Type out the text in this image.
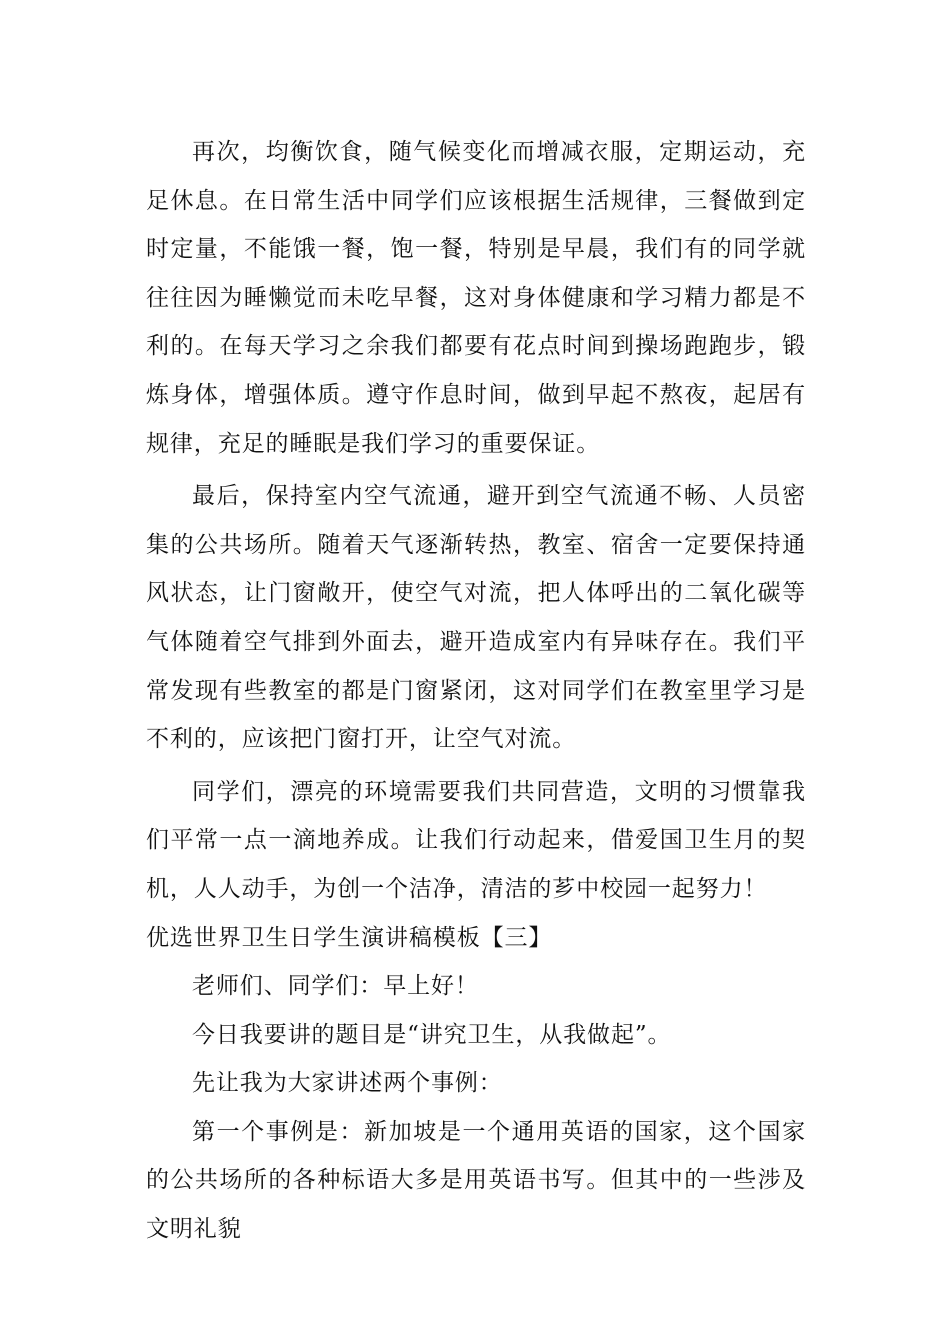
再次，均衡饮食，随气候变化而增减衣服，定期运动，充足休息。在日常生活中同学们应该根据生活规律，三餐做到定时定量，不能饿一餐，饱一餐，特别是早晨，我们有的同学就往往因为睡懒觉而未吃早餐，这对身体健康和学习精力都是不利的。在每天学习之余我们都要有花点时间到操场跑跑步，锻炼身体，增强体质。遵守作息时间，做到早起不熬夜，起居有规律，充足的睡眠是我们学习的重要保证。

最后，保持室内空气流通，避开到空气流通不畅、人员密集的公共场所。随着天气逐渐转热，教室、宿舍一定要保持通风状态，让门窗敞开，使空气对流，把人体呼出的二氧化碳等气体随着空气排到外面去，避开造成室内有异味存在。我们平常发现有些教室的都是门窗紧闭，这对同学们在教室里学习是不利的，应该把门窗打开，让空气对流。

同学们，漂亮的环境需要我们共同营造，文明的习惯靠我们平常一点一滴地养成。让我们行动起来，借爱国卫生月的契机，人人动手，为创一个洁净，清洁的芗中校园一起努力！

优选世界卫生日学生演讲稿模板【三】

老师们、同学们：早上好！

今日我要讲的题目是“讲究卫生，从我做起”。

先让我为大家讲述两个事例：

第一个事例是：新加坡是一个通用英语的国家，这个国家的公共场所的各种标语大多是用英语书写。但其中的一些涉及文明礼貌
